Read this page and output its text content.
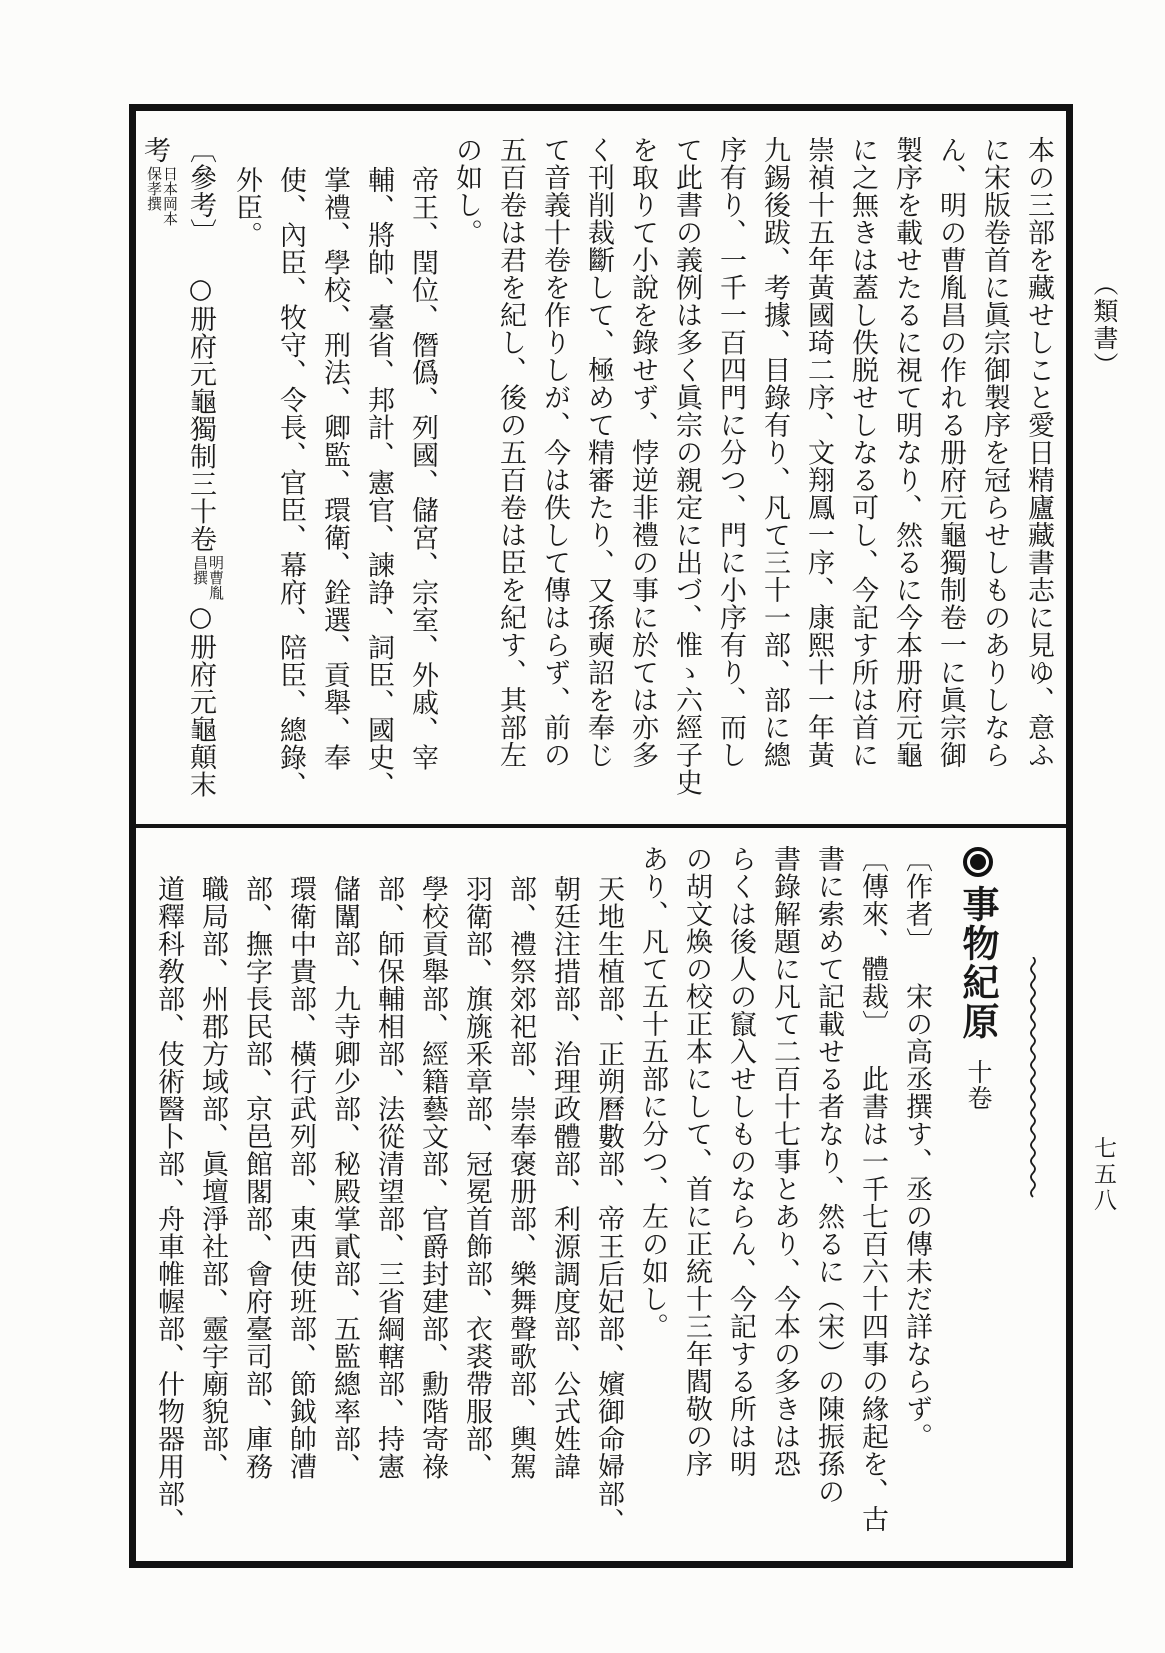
︵類書︶
七五八
本の三部を藏せしこと愛日精廬藏書志に見ゆ、意ふ
に宋版卷首に眞宗御製序を冠らせしものありしなら
ん、明の曹胤昌の作れる册府元龜獨制卷一に眞宗御
製序を載せたるに視て明なり、然るに今本册府元龜
に之無きは蓋し佚脱せしなる可し、今記す所は首に
崇禎十五年黃國琦二序、文翔鳳一序、康熙十一年黃
九錫後跋、考據、目錄有り、凡て三十一部、部に總
序有り、一千一百四門に分つ、門に小序有り、而し
て此書の義例は多く眞宗の親定に出づ、惟ゝ六經子史
を取りて小說を錄せず、悖逆非禮の事に於ては亦多
く刊削裁斷して、極めて精審たり、又孫奭詔を奉じ
て音義十卷を作りしが、今は佚して傳はらず、前の
五百卷は君を紀し、後の五百卷は臣を紀す、其部左
の如し。
帝王、閏位、僭僞、列國、儲宮、宗室、外戚、宰
輔、將帥、臺省、邦計、憲官、諫諍、詞臣、國史、
掌禮、學校、刑法、卿監、環衛、銓選、貢舉、奉
使、內臣、牧守、令長、官臣、幕府、陪臣、總錄、
外臣。
︹參考︺　○册府元龜獨制三十卷
明曹胤
昌撰
○册府元龜顛末
考
日本岡本
保孝撰
事物紀原十卷
︹作者︺　宋の高丞撰す、丞の傳未だ詳ならず。
︹傳來、體裁︺　此書は一千七百六十四事の緣起を、古
書に索めて記載せる者なり、然るに︵宋︶の陳振孫の
書錄解題に凡て二百十七事とあり、今本の多きは恐
らくは後人の竄入せしものならん、今記する所は明
の胡文煥の校正本にして、首に正統十三年閻敬の序
あり、凡て五十五部に分つ、左の如し。
天地生植部、正朔曆數部、帝王后妃部、嬪御命婦部、
朝廷注措部、治理政體部、利源調度部、公式姓諱
部、禮祭郊祀部、崇奉褒册部、樂舞聲歌部、輿駕
羽衛部、旗旐釆章部、冠冕首飾部、衣裘帶服部、
學校貢舉部、經籍藝文部、官爵封建部、勳階寄祿
部、師保輔相部、法從清望部、三省綱轄部、持憲
儲闈部、九寺卿少部、秘殿掌貳部、五監總率部、
環衛中貴部、橫行武列部、東西使班部、節鉞帥漕
部、撫字長民部、京邑館閣部、會府臺司部、庫務
職局部、州郡方域部、眞壇淨社部、靈宇廟貌部、
道釋科敎部、伎術醫卜部、舟車帷幄部、什物器用部、
